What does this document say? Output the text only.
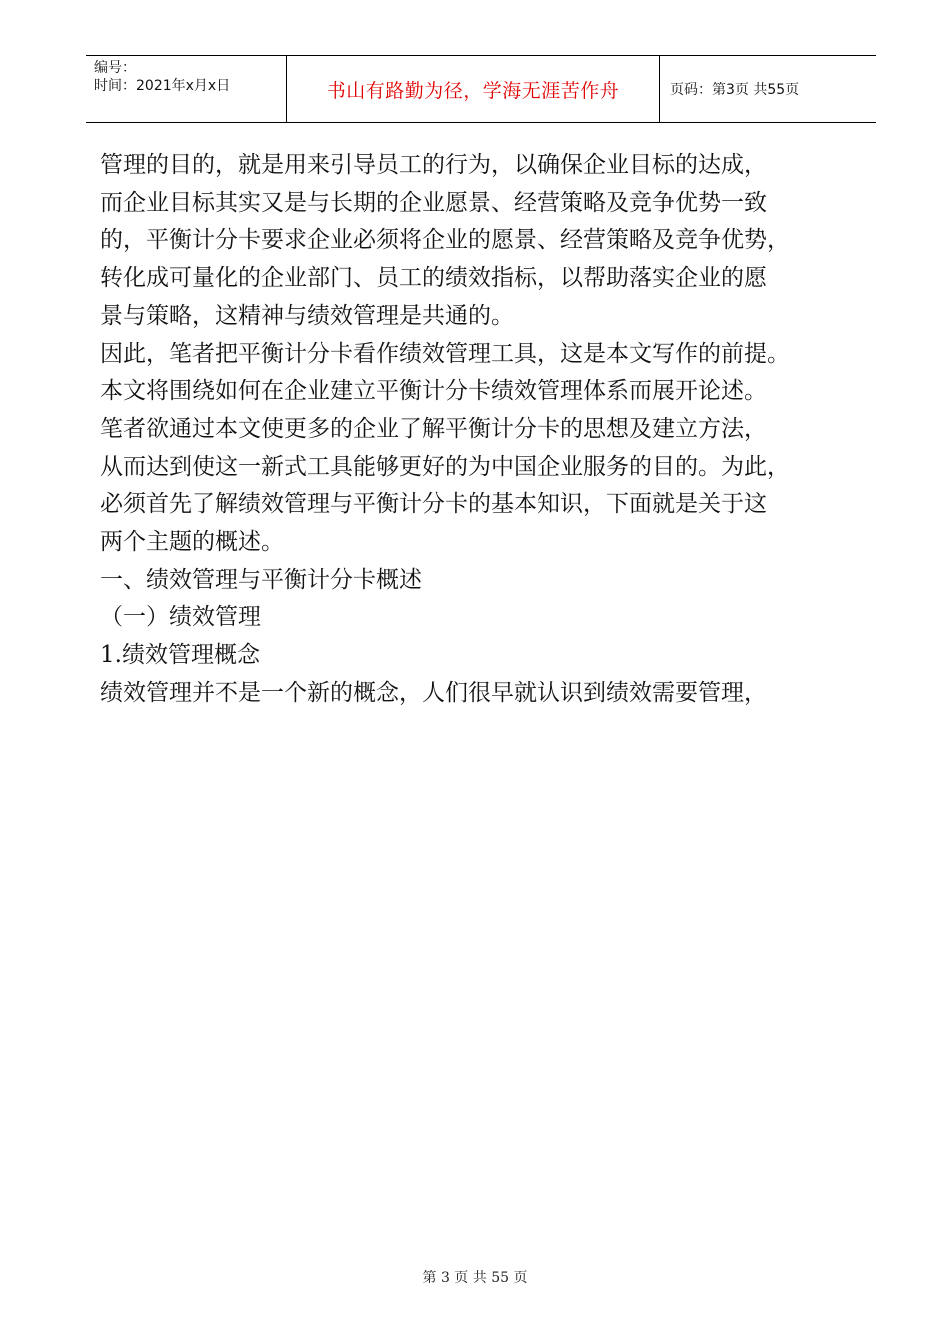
编号：
时间：2021年x月x日	书山有路勤为径，学海无涯苦作舟	页码：第3页 共55页

管理的目的，就是用来引导员工的行为，以确保企业目标的达成，

而企业目标其实又是与长期的企业愿景、经营策略及竞争优势一致

的，平衡计分卡要求企业必须将企业的愿景、经营策略及竞争优势，

转化成可量化的企业部门、员工的绩效指标，以帮助落实企业的愿

景与策略，这精神与绩效管理是共通的。

因此，笔者把平衡计分卡看作绩效管理工具，这是本文写作的前提。

本文将围绕如何在企业建立平衡计分卡绩效管理体系而展开论述。

笔者欲通过本文使更多的企业了解平衡计分卡的思想及建立方法，

从而达到使这一新式工具能够更好的为中国企业服务的目的。为此，

必须首先了解绩效管理与平衡计分卡的基本知识，下面就是关于这

两个主题的概述。

一、绩效管理与平衡计分卡概述

（一）绩效管理

1.绩效管理概念

绩效管理并不是一个新的概念，人们很早就认识到绩效需要管理，

第 3 页 共 55 页
